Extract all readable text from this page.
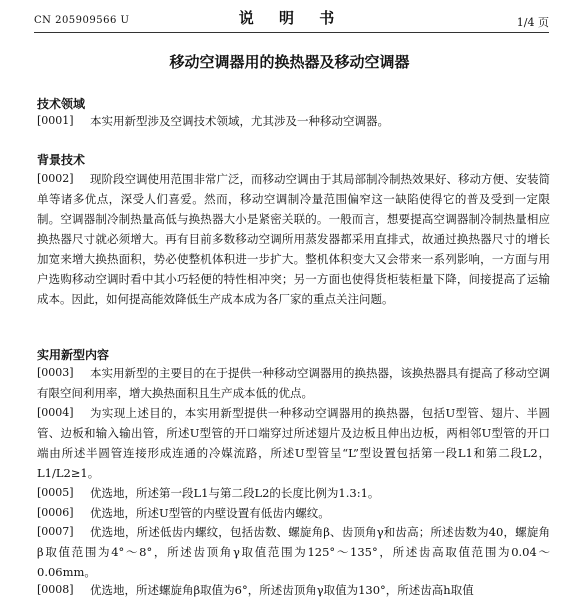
CN 205909566 U	说 明 书	1/4 页
移动空调器用的换热器及移动空调器
技术领域
[0001]	本实用新型涉及空调技术领域，尤其涉及一种移动空调器。
背景技术
[0002]	现阶段空调使用范围非常广泛，而移动空调由于其局部制冷制热效果好、移动方便、安装简单等诸多优点，深受人们喜爱。然而，移动空调制冷量范围偏窄这一缺陷使得它的普及受到一定限制。空调器制冷制热量高低与换热器大小是紧密关联的。一般而言，想要提高空调器制冷制热量相应换热器尺寸就必须增大。再有目前多数移动空调所用蒸发器都采用直排式，故通过换热器尺寸的增长加宽来增大换热面积，势必使整机体积进一步扩大。整机体积变大又会带来一系列影响，一方面与用户选购移动空调时看中其小巧轻便的特性相冲突；另一方面也使得货柜装柜量下降，间接提高了运输成本。因此，如何提高能效降低生产成本成为各厂家的重点关注问题。
实用新型内容
[0003]	本实用新型的主要目的在于提供一种移动空调器用的换热器，该换热器具有提高了移动空调有限空间利用率，增大换热面积且生产成本低的优点。
[0004]	为实现上述目的，本实用新型提供一种移动空调器用的换热器，包括U型管、翅片、半圆管、边板和输入输出管，所述U型管的开口端穿过所述翅片及边板且伸出边板，两相邻U型管的开口端由所述半圆管连接形成连通的冷媒流路，所述U型管呈“L”型设置包括第一段L1和第二段L2，L1/L2≥1。
[0005]	优选地，所述第一段L1与第二段L2的长度比例为1.3:1。
[0006]	优选地，所述U型管的内壁设置有低齿内螺纹。
[0007]	优选地，所述低齿内螺纹，包括齿数、螺旋角β、齿顶角γ和齿高；所述齿数为40，螺旋角β取值范围为4°～8°，所述齿顶角γ取值范围为125°～135°，所述齿高取值范围为0.04～0.06mm。
[0008]	优选地，所述螺旋角β取值为6°，所述齿顶角γ取值为130°，所述齿高h取值
